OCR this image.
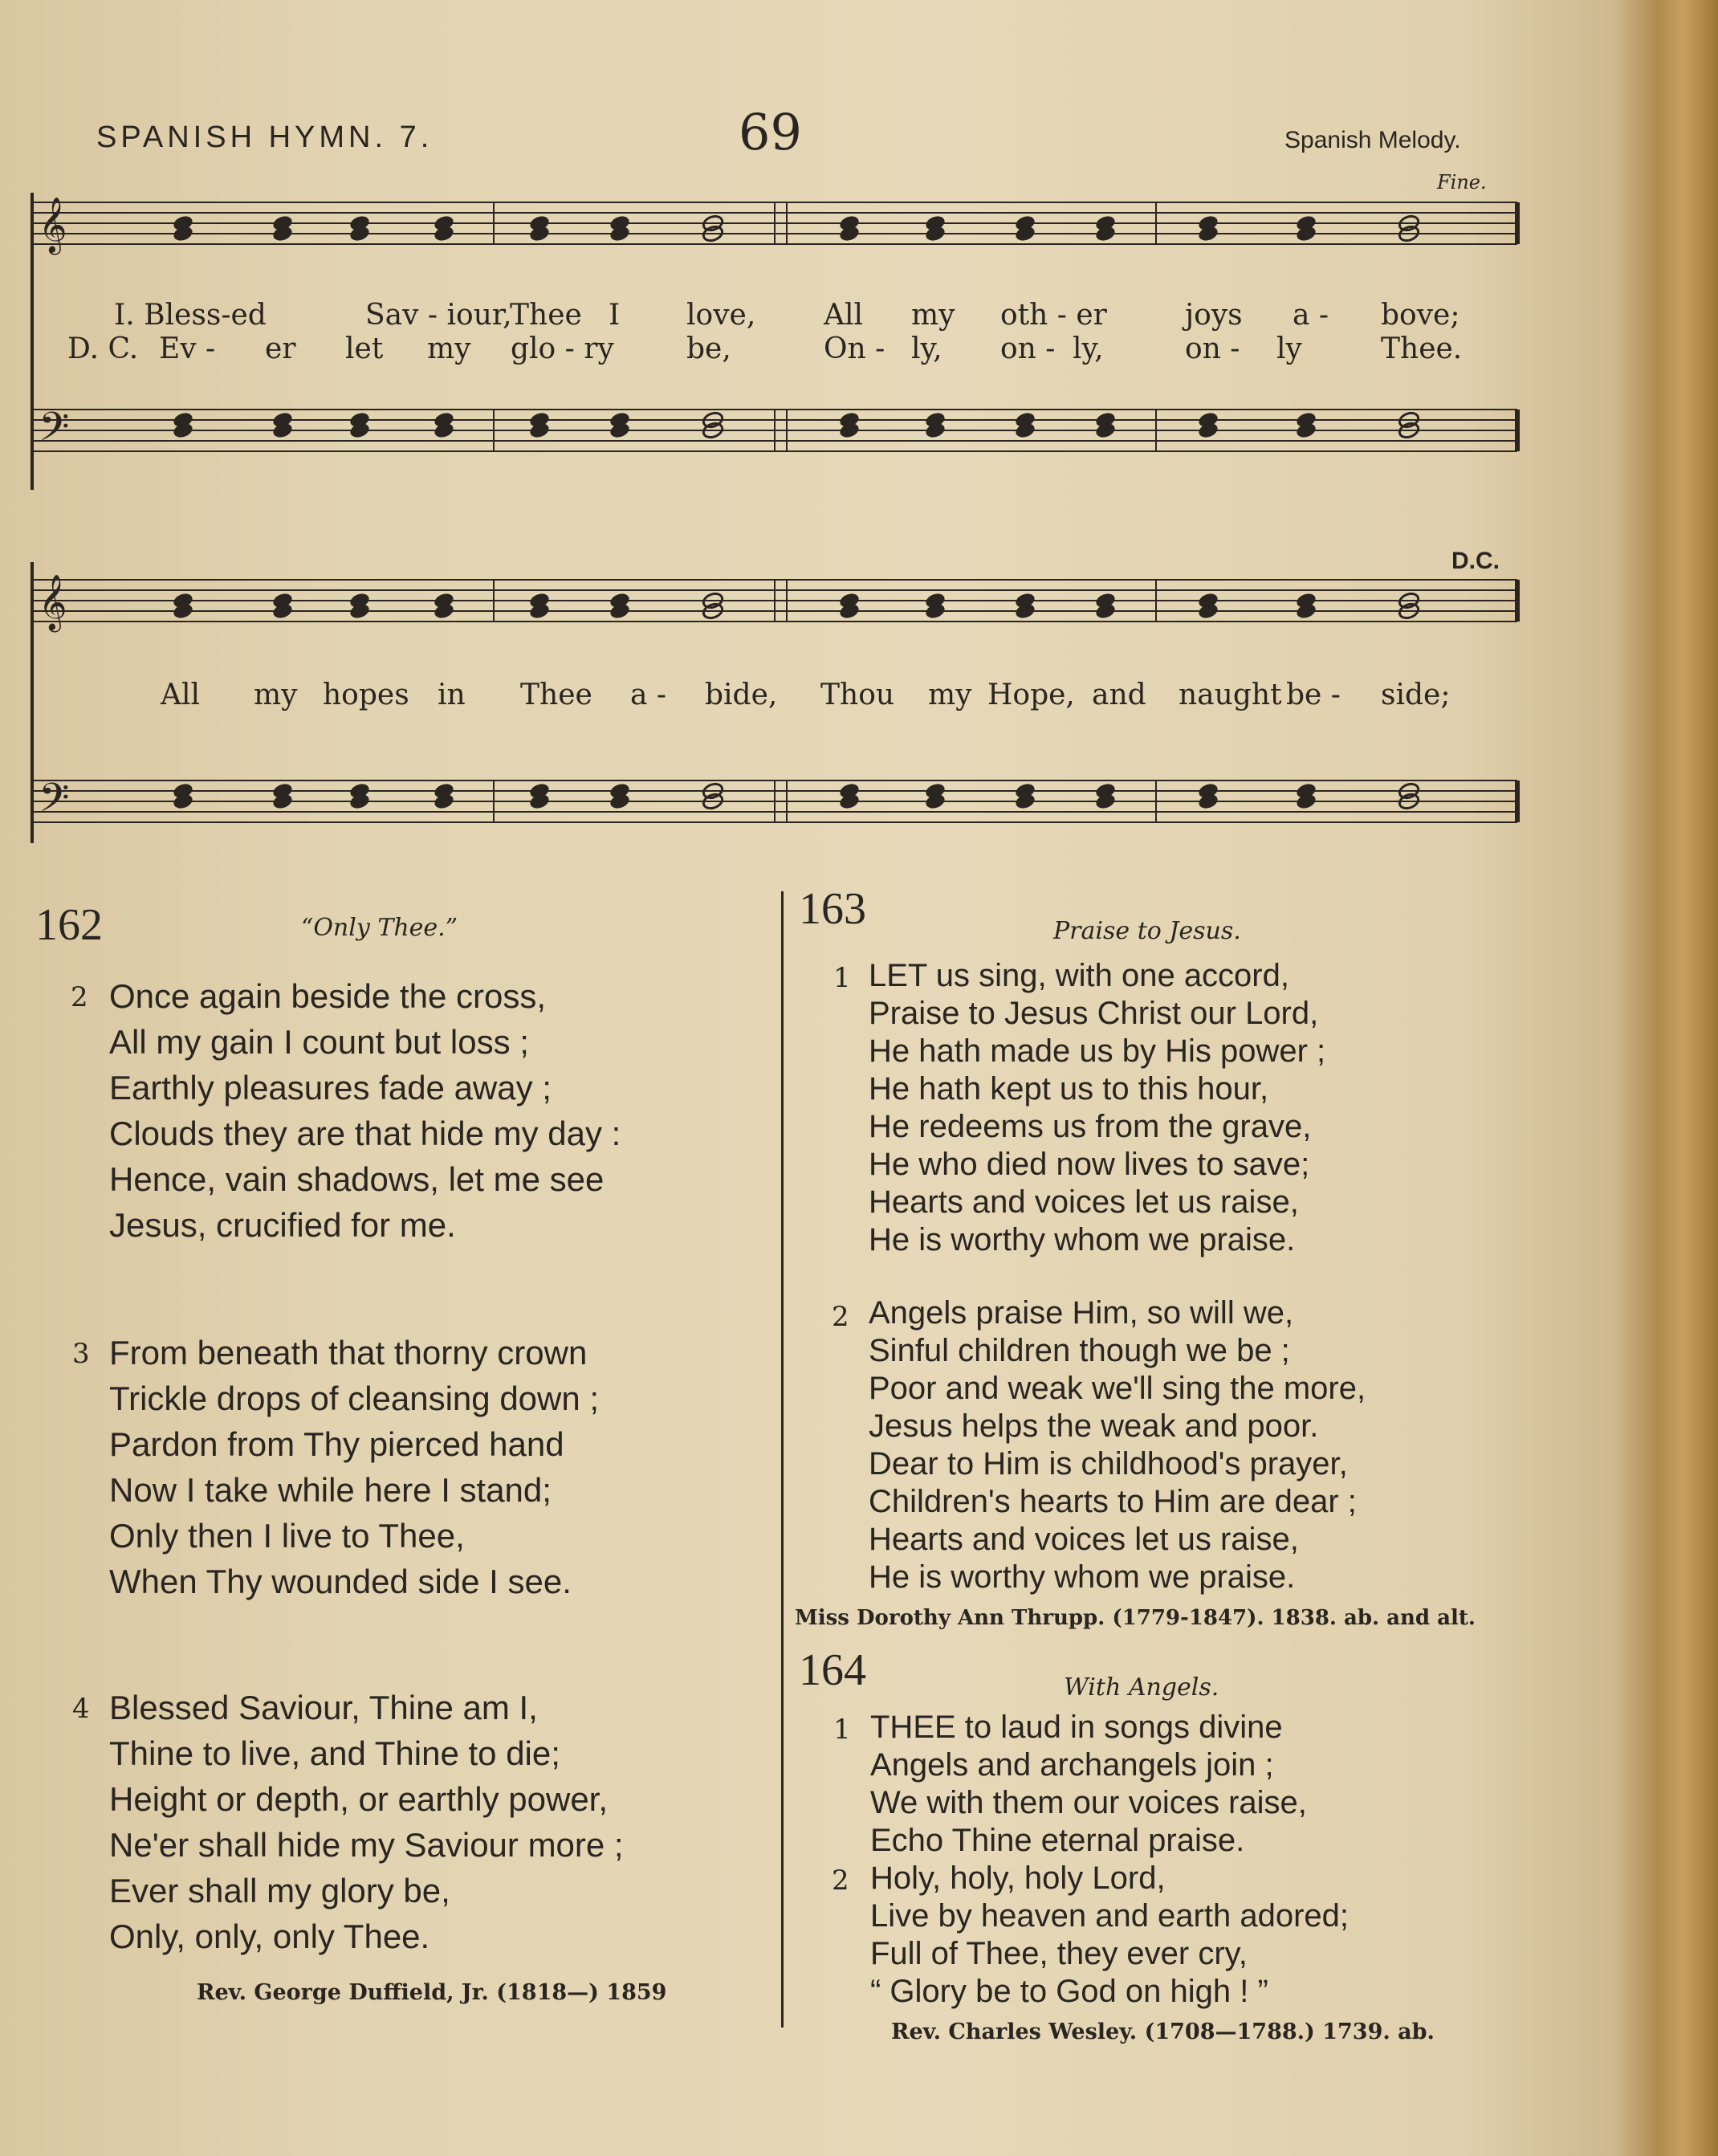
SPANISH HYMN. 7.	69	Spanish Melody.
Fine.
D.C.
𝄞
𝄢
𝄞
𝄢
I. Bless-ed	Sav - iour,
Thee I love, All my oth - er	joys a - bove;
D. C. Ev - er let my glo - ry	be,	On - ly, on - ly,	on - ly	Thee.
All my hopes in Thee a - bide, Thou my Hope, and naught be - side;
162	“Only Thee.”
2 Once again beside the cross,
All my gain I count but loss ;
Earthly pleasures fade away ;
Clouds they are that hide my day :
Hence, vain shadows, let me see
Jesus, crucified for me.
3 From beneath that thorny crown
Trickle drops of cleansing down ;
Pardon from Thy pierced hand
Now I take while here I stand;
Only then I live to Thee,
When Thy wounded side I see.
4 Blessed Saviour, Thine am I,
Thine to live, and Thine to die;
Height or depth, or earthly power,
Ne'er shall hide my Saviour more ;
Ever shall my glory be,
Only, only, only Thee.
Rev. George Duffield, Jr. (1818—) 1859
163	Praise to Jesus.
1 LET us sing, with one accord,
Praise to Jesus Christ our Lord,
He hath made us by His power ;
He hath kept us to this hour,
He redeems us from the grave,
He who died now lives to save;
Hearts and voices let us raise,
He is worthy whom we praise.
2 Angels praise Him, so will we,
Sinful children though we be ;
Poor and weak we'll sing the more,
Jesus helps the weak and poor.
Dear to Him is childhood's prayer,
Children's hearts to Him are dear ;
Hearts and voices let us raise,
He is worthy whom we praise.
Miss Dorothy Ann Thrupp. (1779-1847). 1838. ab. and alt.
164	With Angels.
1 THEE to laud in songs divine
Angels and archangels join ;
We with them our voices raise,
Echo Thine eternal praise.
2 Holy, holy, holy Lord,
Live by heaven and earth adored;
Full of Thee, they ever cry,
“ Glory be to God on high ! ”
Rev. Charles Wesley. (1708—1788.) 1739. ab.
